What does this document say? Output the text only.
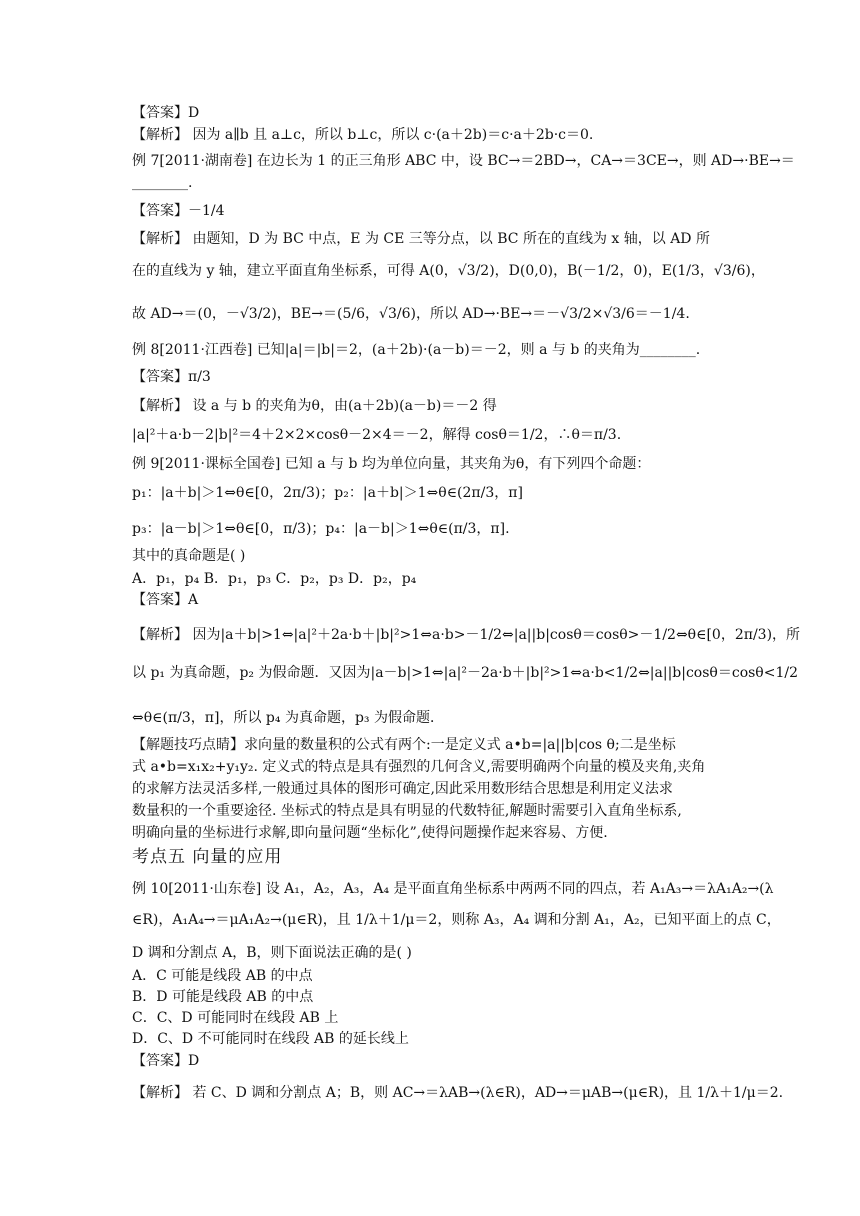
【答案】D
【解析】 因为 a∥b 且 a⊥c，所以 b⊥c，所以 c·(a＋2b)＝c·a＋2b·c＝0.
例 7[2011·湖南卷] 在边长为 1 的正三角形 ABC 中，设 BC→＝2BD→，CA→＝3CE→，则 AD→·BE→＝
________.
【答案】－1/4
【解析】 由题知，D 为 BC 中点，E 为 CE 三等分点，以 BC 所在的直线为 x 轴，以 AD 所
在的直线为 y 轴，建立平面直角坐标系，可得 A(0，√3/2)，D(0,0)，B(－1/2，0)，E(1/3，√3/6)，
故 AD→＝(0，－√3/2)，BE→＝(5/6，√3/6)，所以 AD→·BE→＝－√3/2×√3/6＝－1/4.
例 8[2011·江西卷] 已知|a|＝|b|＝2，(a＋2b)·(a－b)＝－2，则 a 与 b 的夹角为________.
【答案】π/3
【解析】 设 a 与 b 的夹角为θ，由(a＋2b)(a－b)＝－2 得
|a|²＋a·b－2|b|²＝4＋2×2×cosθ－2×4＝－2，解得 cosθ＝1/2，∴θ＝π/3.
例 9[2011·课标全国卷] 已知 a 与 b 均为单位向量，其夹角为θ，有下列四个命题：
p₁：|a＋b|＞1⇔θ∈[0，2π/3)；p₂：|a＋b|＞1⇔θ∈(2π/3，π]
p₃：|a－b|＞1⇔θ∈[0，π/3)；p₄：|a－b|＞1⇔θ∈(π/3，π].
其中的真命题是( )
A．p₁，p₄ B．p₁，p₃ C．p₂，p₃ D．p₂，p₄
【答案】A
【解析】 因为|a＋b|>1⇔|a|²＋2a·b＋|b|²>1⇔a·b>－1/2⇔|a||b|cosθ＝cosθ>－1/2⇔θ∈[0，2π/3)，所
以 p₁ 为真命题，p₂ 为假命题．又因为|a－b|>1⇔|a|²－2a·b＋|b|²>1⇔a·b<1/2⇔|a||b|cosθ＝cosθ<1/2
⇔θ∈(π/3，π]，所以 p₄ 为真命题，p₃ 为假命题．
【解题技巧点睛】求向量的数量积的公式有两个:一是定义式 a•b=|a||b|cos θ;二是坐标
式 a•b=x₁x₂+y₁y₂. 定义式的特点是具有强烈的几何含义,需要明确两个向量的模及夹角,夹角
的求解方法灵活多样,一般通过具体的图形可确定,因此采用数形结合思想是利用定义法求
数量积的一个重要途径. 坐标式的特点是具有明显的代数特征,解题时需要引入直角坐标系,
明确向量的坐标进行求解,即向量问题“坐标化”,使得问题操作起来容易、方便.
考点五 向量的应用
例 10[2011·山东卷] 设 A₁，A₂，A₃，A₄ 是平面直角坐标系中两两不同的四点，若 A₁A₃→＝λA₁A₂→(λ
∈R)，A₁A₄→＝μA₁A₂→(μ∈R)，且 1/λ＋1/μ＝2，则称 A₃，A₄ 调和分割 A₁，A₂，已知平面上的点 C，
D 调和分割点 A，B，则下面说法正确的是( )
A．C 可能是线段 AB 的中点
B．D 可能是线段 AB 的中点
C．C、D 可能同时在线段 AB 上
D．C、D 不可能同时在线段 AB 的延长线上
【答案】D
【解析】 若 C、D 调和分割点 A；B，则 AC→＝λAB→(λ∈R)，AD→＝μAB→(μ∈R)，且 1/λ＋1/μ＝2.
